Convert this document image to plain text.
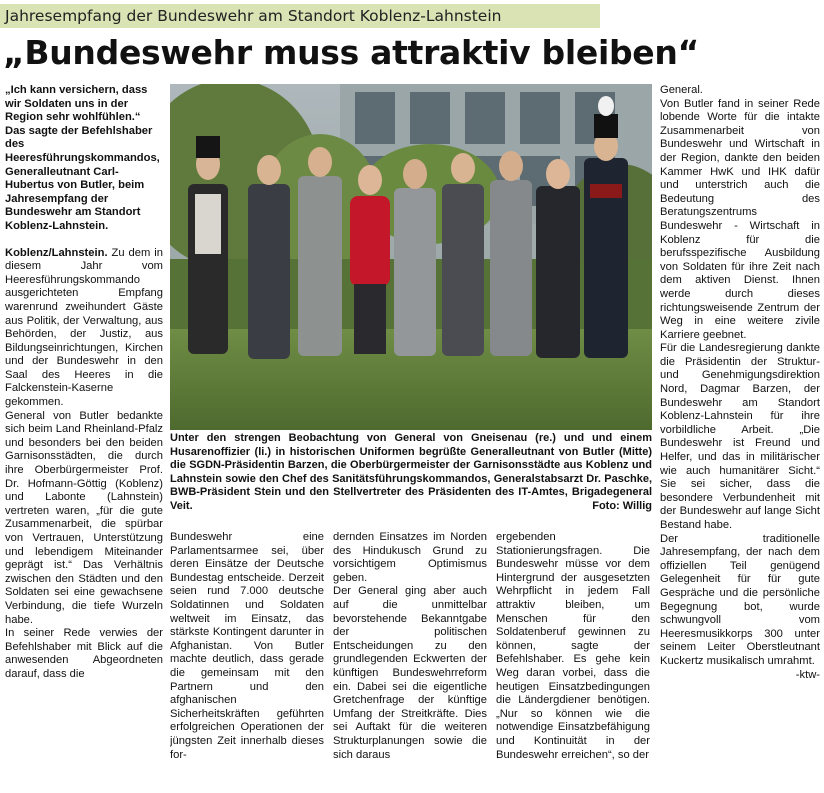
Jahresempfang der Bundeswehr am Standort Koblenz-Lahnstein
„Bundeswehr muss attraktiv bleiben“

„Ich kann versichern, dass wir Soldaten uns in der Region sehr wohlfühlen.“ Das sagte der Befehlshaber des Heeresführungskommandos, Generalleutnant Carl-Hubertus von Butler, beim Jahresempfang der Bundeswehr am Standort Koblenz-Lahnstein.

Koblenz/Lahnstein. Zu dem in diesem Jahr vom Heeresführungskommando ausgerichteten Empfang warenrund zweihundert Gäste aus Politik, der Verwaltung, aus Behörden, der Justiz, aus Bildungseinrichtungen, Kirchen und der Bundeswehr in den Saal des Heeres in die Falckenstein-Kaserne gekommen.

General von Butler bedankte sich beim Land Rheinland-Pfalz und besonders bei den beiden Garnisonsstädten, die durch ihre Oberbürgermeister Prof. Dr. Hofmann-Göttig (Koblenz) und Labonte (Lahnstein) vertreten waren, „für die gute Zusammenarbeit, die spürbar von Vertrauen, Unterstützung und lebendigem Miteinander geprägt ist.“ Das Verhältnis zwischen den Städten und den Soldaten sei eine gewachsene Verbindung, die tiefe Wurzeln habe.

In seiner Rede verwies der Befehlshaber mit Blick auf die anwesenden Abgeordneten darauf, dass die

Unter den strengen Beobachtung von General von Gneisenau (re.) und und einem Husarenoffizier (li.) in historischen Uniformen begrüßte Generalleutnant von Butler (Mitte) die SGDN-Präsidentin Barzen, die Oberbürgermeister der Garnisonsstädte aus Koblenz und Lahnstein sowie den Chef des Sanitätsführungskommandos, Generalstabsarzt Dr. Paschke, BWB-Präsident Stein und den Stellvertreter des Präsidenten des IT-Amtes, Brigadegeneral Veit.	Foto: Willig

Bundeswehr eine Parlamentsarmee sei, über deren Einsätze der Deutsche Bundestag entscheide. Derzeit seien rund 7.000 deutsche Soldatinnen und Soldaten weltweit im Einsatz, das stärkste Kontingent darunter in Afghanistan. Von Butler machte deutlich, dass gerade die gemeinsam mit den Partnern und den afghanischen Sicherheitskräften geführten erfolgreichen Operationen der jüngsten Zeit innerhalb dieses for-

dernden Einsatzes im Norden des Hindukusch Grund zu vorsichtigem Optimismus geben.

Der General ging aber auch auf die unmittelbar bevorstehende Bekanntgabe der politischen Entscheidungen zu den grundlegenden Eckwerten der künftigen Bundeswehrreform ein. Dabei sei die eigentliche Gretchenfrage der künftige Umfang der Streitkräfte. Dies sei Auftakt für die weiteren Strukturplanungen sowie die sich daraus

ergebenden Stationierungsfragen. Die Bundeswehr müsse vor dem Hintergrund der ausgesetzten Wehrpflicht in jedem Fall attraktiv bleiben, um Menschen für den Soldatenberuf gewinnen zu können, sagte der Befehlshaber. Es gehe kein Weg daran vorbei, dass die heutigen Einsatzbedingungen die Ländergdiener benötigen. „Nur so können wie die notwendige Einsatzbefähigung und Kontinuität in der Bundeswehr erreichen“, so der

General.

Von Butler fand in seiner Rede lobende Worte für die intakte Zusammenarbeit von Bundeswehr und Wirtschaft in der Region, dankte den beiden Kammer HwK und IHK dafür und unterstrich auch die Bedeutung des Beratungszentrums Bundeswehr - Wirtschaft in Koblenz für die berufsspezifische Ausbildung von Soldaten für ihre Zeit nach dem aktiven Dienst. Ihnen werde durch dieses richtungsweisende Zentrum der Weg in eine weitere zivile Karriere geebnet.

Für die Landesregierung dankte die Präsidentin der Struktur- und Genehmigungsdirektion Nord, Dagmar Barzen, der Bundeswehr am Standort Koblenz-Lahnstein für ihre vorbildliche Arbeit. „Die Bundeswehr ist Freund und Helfer, und das in militärischer wie auch humanitärer Sicht.“ Sie sei sicher, dass die besondere Verbundenheit mit der Bundeswehr auf lange Sicht Bestand habe.

Der traditionelle Jahresempfang, der nach dem offiziellen Teil genügend Gelegenheit für für gute Gespräche und die persönliche Begegnung bot, wurde schwungvoll vom Heeresmusikkorps 300 unter seinem Leiter Oberstleutnant Kuckertz musikalisch umrahmt.

-ktw-
